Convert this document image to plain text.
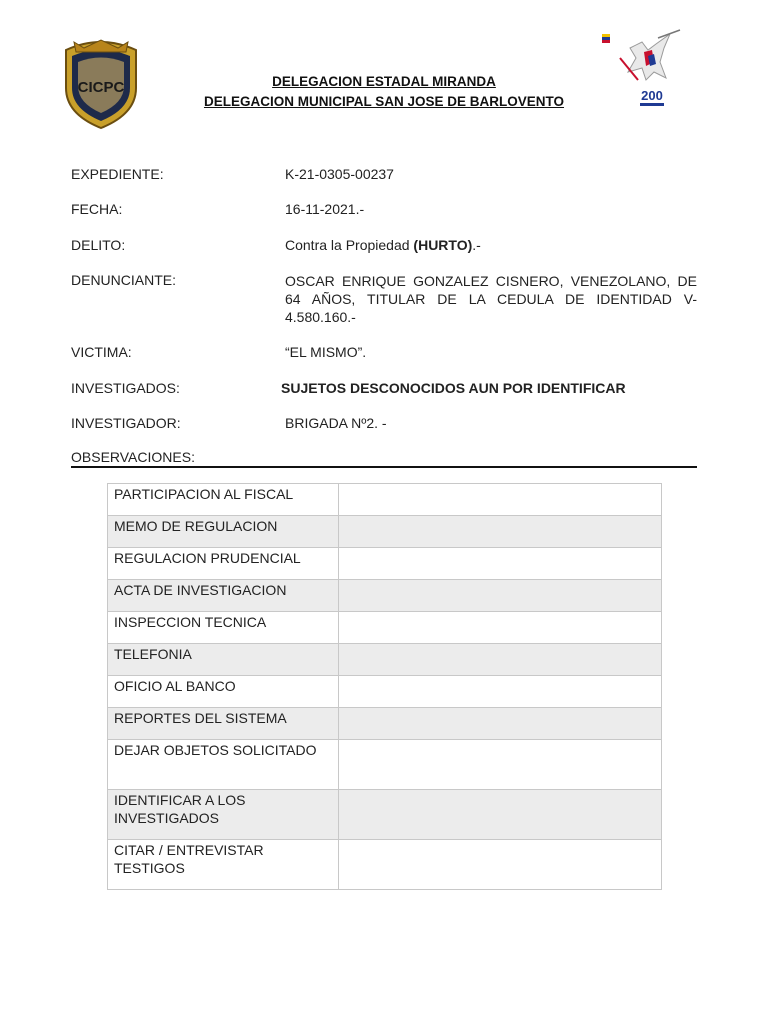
CICPC	200
DELEGACION ESTADAL MIRANDA
DELEGACION MUNICIPAL SAN JOSE DE BARLOVENTO
EXPEDIENTE:	K-21-0305-00237
FECHA:	16-11-2021.-
DELITO:	Contra la Propiedad (HURTO).-
DENUNCIANTE:	OSCAR ENRIQUE GONZALEZ CISNERO, VENEZOLANO, DE 64 AÑOS, TITULAR DE LA CEDULA DE IDENTIDAD V-4.580.160.-
VICTIMA:	“EL MISMO”.
INVESTIGADOS:	SUJETOS DESCONOCIDOS AUN POR IDENTIFICAR
INVESTIGADOR:	BRIGADA Nº2. -
OBSERVACIONES:
PARTICIPACION AL FISCAL	
MEMO DE REGULACION	
REGULACION PRUDENCIAL	
ACTA DE INVESTIGACION	
INSPECCION TECNICA	
TELEFONIA	
OFICIO AL BANCO	
REPORTES DEL SISTEMA	
DEJAR OBJETOS SOLICITADO	
IDENTIFICAR A LOS INVESTIGADOS	
CITAR / ENTREVISTAR TESTIGOS	
